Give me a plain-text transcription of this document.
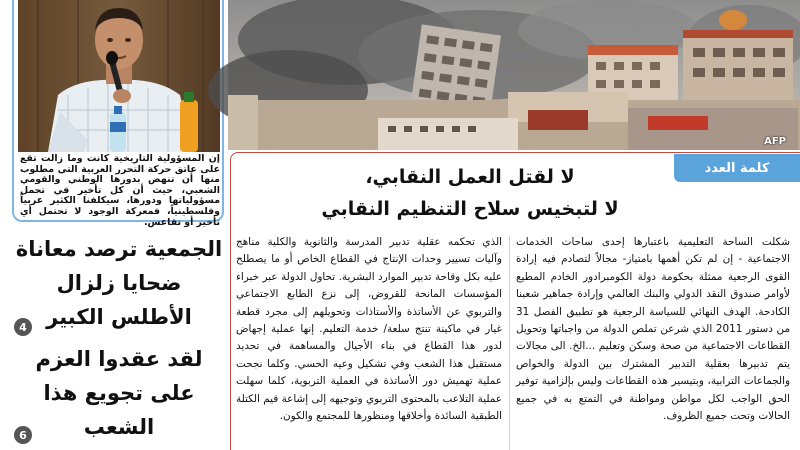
إن المسؤولية التاريخية كانت وما زالت تقع على عاتق حركة التحرر العربية التي مطلوب منها أن تنهض بدورها الوطني والقومي الشعبي، حيث أن كل تأخير في تحمل مسؤولياتها ودورها، سيكلفنا الكثير عربياً وفلسطينياً، فمعركة الوجود لا تحتمل أي تأخير أو تقاعس.
الجمعية ترصد معاناة ضحايا زلزال الأطلس الكبير
4
لقد عقدوا العزم على تجويع هذا الشعب
6
AFP
كلمة العدد
لا لقتل العمل النقابي،
لا لتبخيس سلاح التنظيم النقابي
شكلت الساحة التعليمية باعتبارها إحدى ساحات الخدمات الاجتماعية - إن لم تكن أهمها بامتياز- مجالاً لتصادم فيه إرادة القوى الرجعية ممثلة بحكومة دولة الكومبرادور الخادم المطيع لأوامر صندوق النقد الدولي والبنك العالمي وإرادة جماهير شعبنا الكادحة. الهدف النهائي للسياسة الرجعية هو تطبيق الفصل 31 من دستور 2011 الذي شرعن تملص الدولة من واجباتها وتحويل القطاعات الاجتماعية من صحة وسكن وتعليم ...الخ. الى مجالات يتم تدبيرها بعقلية التدبير المشترك بين الدولة والخواص والجماعات الترابية، وبتيسير هذه القطاعات وليس بإلزامية توفير الحق الواجب لكل مواطن ومواطنة في التمتع به في جميع الحالات وتحت جميع الظروف.
الذي تحكمه عقلية تدبير المدرسة والثانوية والكلية مناهج وآليات تسيير وحدات الإنتاج في القطاع الخاص أو ما يصطلح عليه بكل وقاحة تدبير الموارد البشرية. تحاول الدولة عبر خبراء المؤسسات المانحة للقروض، إلى نزع الطابع الاجتماعي والتربوي عن الأساتذة والأستاذات وتحويلهم إلى مجرد قطعة غيار في ماكينة تنتج سلعة/ خدمة التعليم. إنها عملية إجهاض لدور هذا القطاع في بناء الأجيال والمساهمة في تحديد مستقبل هذا الشعب وفي تشكيل وعيه الحسي. وكلما نجحت عملية تهميش دور الأساتذة في العملية التربوية، كلما سهلت عملية التلاعب بالمحتوى التربوي وتوجيهه إلى إشاعة قيم الكتلة الطبقية السائدة وأخلاقها ومنظورها للمجتمع والكون.
